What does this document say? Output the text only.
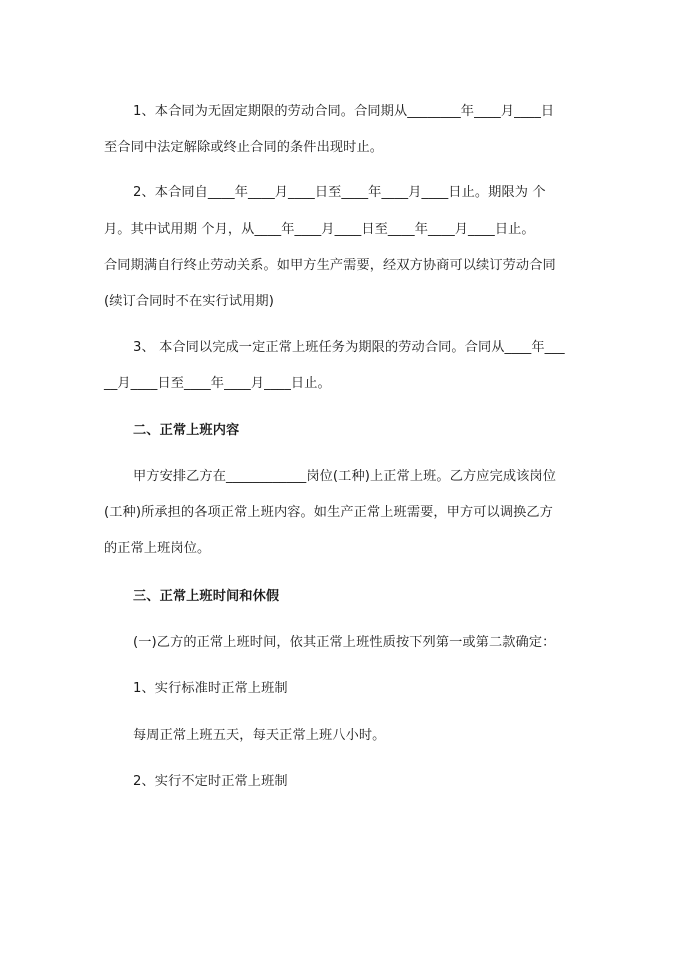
1、本合同为无固定期限的劳动合同。合同期从________年____月____日
至合同中法定解除或终止合同的条件出现时止。
2、本合同自____年____月____日至____年____月____日止。期限为 个
月。其中试用期 个月，从____年____月____日至____年____月____日止。
合同期满自行终止劳动关系。如甲方生产需要，经双方协商可以续订劳动合同
(续订合同时不在实行试用期)
3、 本合同以完成一定正常上班任务为期限的劳动合同。合同从____年___
__月____日至____年____月____日止。
二、正常上班内容
甲方安排乙方在____________岗位(工种)上正常上班。乙方应完成该岗位
(工种)所承担的各项正常上班内容。如生产正常上班需要，甲方可以调换乙方
的正常上班岗位。
三、正常上班时间和休假
(一)乙方的正常上班时间，依其正常上班性质按下列第一或第二款确定：
1、实行标准时正常上班制
每周正常上班五天，每天正常上班八小时。
2、实行不定时正常上班制
